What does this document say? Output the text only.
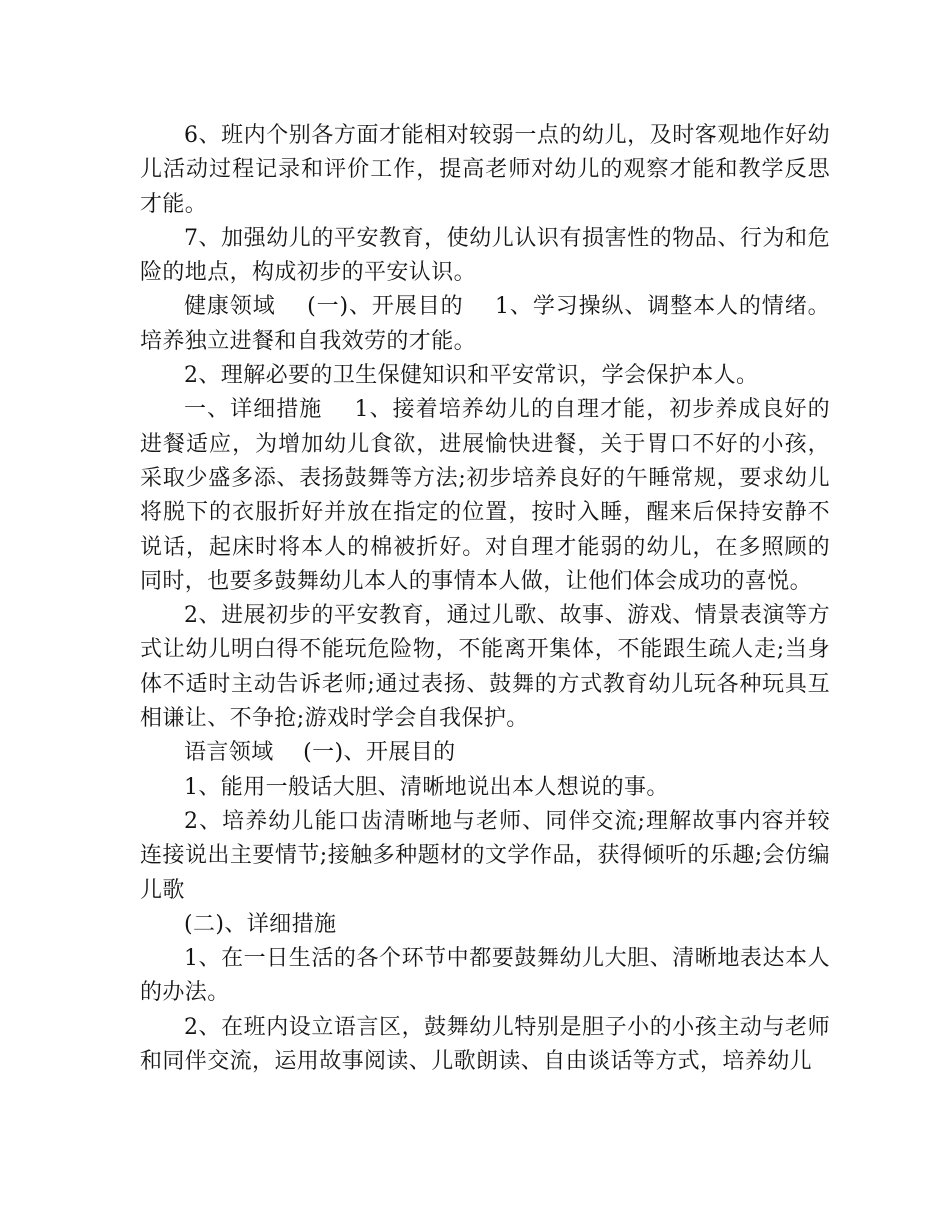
6、班内个别各方面才能相对较弱一点的幼儿，及时客观地作好幼儿活动过程记录和评价工作，提高老师对幼儿的观察才能和教学反思才能。

7、加强幼儿的平安教育，使幼儿认识有损害性的物品、行为和危险的地点，构成初步的平安认识。

健康领域    (一)、开展目的    1、学习操纵、调整本人的情绪。培养独立进餐和自我效劳的才能。

2、理解必要的卫生保健知识和平安常识，学会保护本人。

一、详细措施    1、接着培养幼儿的自理才能，初步养成良好的进餐适应，为增加幼儿食欲，进展愉快进餐，关于胃口不好的小孩，采取少盛多添、表扬鼓舞等方法;初步培养良好的午睡常规，要求幼儿将脱下的衣服折好并放在指定的位置，按时入睡，醒来后保持安静不说话，起床时将本人的棉被折好。对自理才能弱的幼儿，在多照顾的同时，也要多鼓舞幼儿本人的事情本人做，让他们体会成功的喜悦。

2、进展初步的平安教育，通过儿歌、故事、游戏、情景表演等方式让幼儿明白得不能玩危险物，不能离开集体，不能跟生疏人走;当身体不适时主动告诉老师;通过表扬、鼓舞的方式教育幼儿玩各种玩具互相谦让、不争抢;游戏时学会自我保护。

语言领域    (一)、开展目的

1、能用一般话大胆、清晰地说出本人想说的事。

2、培养幼儿能口齿清晰地与老师、同伴交流;理解故事内容并较连接说出主要情节;接触多种题材的文学作品，获得倾听的乐趣;会仿编儿歌

(二)、详细措施

1、在一日生活的各个环节中都要鼓舞幼儿大胆、清晰地表达本人的办法。

2、在班内设立语言区，鼓舞幼儿特别是胆子小的小孩主动与老师和同伴交流，运用故事阅读、儿歌朗读、自由谈话等方式，培养幼儿
